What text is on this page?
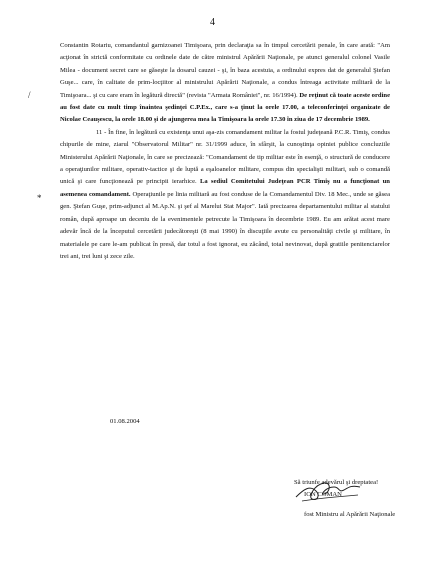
4
/
*

Constantin Rotariu, comandantul garnizoanei Timişoara, prin declaraţia sa în timpul cercetării penale, în care arată: "Am acţionat în strictă conformitate cu ordinele date de către ministrul Apărării Naţionale, pe atunci generalul colonel Vasile Milea - document secret care se găseşte la dosarul cauzei - şi, în baza acestuia, a ordinului expres dat de generalul Ştefan Guşe... care, în calitate de prim-locţiitor al ministrului Apărării Naţionale, a condus întreaga activitate militară de la Timişoara... şi cu care eram în legătură directă" (revista "Armata României", nr. 16/1994). De reţinut că toate aceste ordine au fost date cu mult timp înaintea şedinţei C.P.Ex., care s-a ţinut la orele 17.00, a teleconferinţei organizate de Nicolae Ceauşescu, la orele 18.00 şi de ajungerea mea la Timişoara la orele 17.30 în ziua de 17 decembrie 1989.

11 - În fine, în legătură cu existenţa unui aşa-zis comandament militar la fostul judeţeană P.C.R. Timiş, condus chipurile de mine, ziarul "Observatorul Militar" nr. 31/1999 aduce, în sfârşit, la cunoştinţa opiniei publice concluziile Ministerului Apărării Naţionale, în care se precizează: "Comandament de tip militar este în esenţă, o structură de conducere a operaţiunilor militare, operativ-tactice şi de luptă a eşaloanelor militare, compus din specialişti militari, sub o comandă unică şi care funcţionează pe principii ierarhice. La sediul Comitetului Judeţean PCR Timiş nu a funcţionat un asemenea comandament. Operaţiunile pe linia militară au fost conduse de la Comandamentul Div. 18 Mec., unde se găsea gen. Ştefan Guşe, prim-adjunct al M.Ap.N. şi şef al Marelui Stat Major". Iată precizarea departamentului militar al statului român, după aproape un deceniu de la evenimentele petrecute la Timişoara în decembrie 1989. Eu am arătat acest mare adevăr încă de la începutul cercetării judecătoreşti (8 mai 1990) în discuţiile avute cu personalităţi civile şi militare, în materialele pe care le-am publicat în presă, dar totul a fost ignorat, eu zăcând, total nevinovat, după gratiile penitenciarelor trei ani, trei luni şi zece zile.

01.08.2004
Să triunfe adevărul şi dreptatea!
ION COMAN
fost Ministru al Apărării Naţionale
